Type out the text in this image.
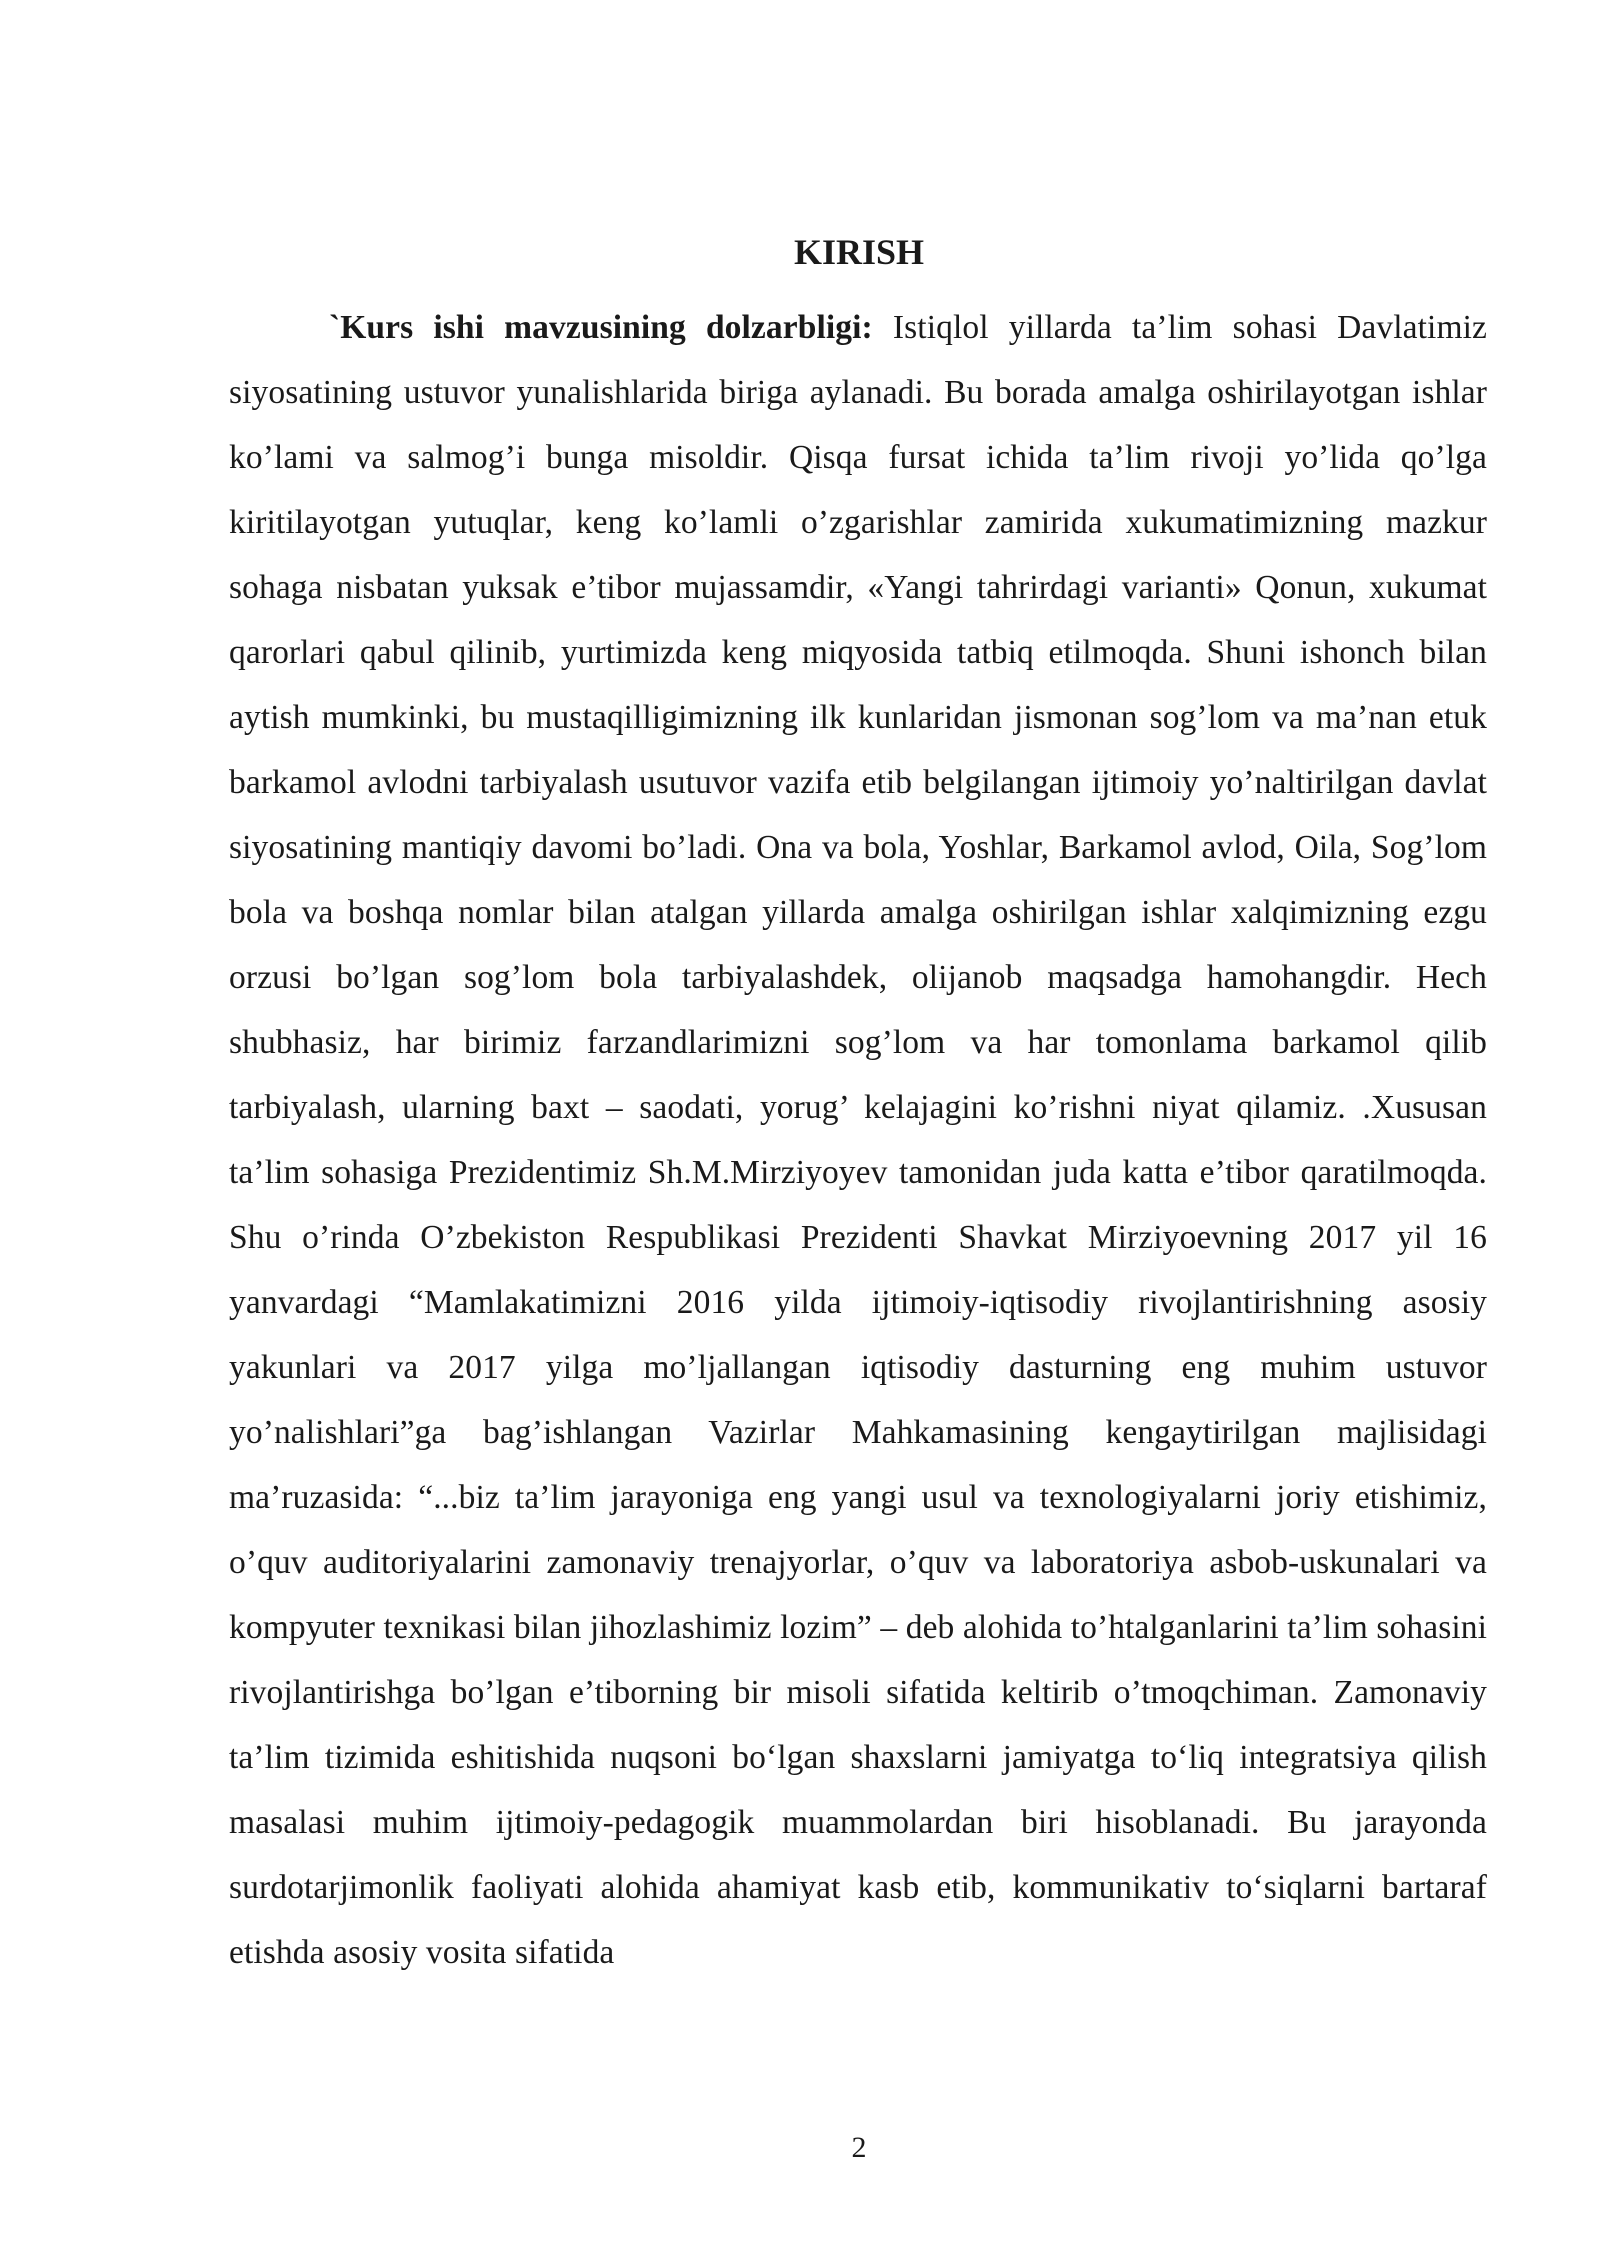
KIRISH

`Kurs ishi mavzusining dolzarbligi: Istiqlol yillarda ta’lim sohasi Davlatimiz siyosatining ustuvor yunalishlarida biriga aylanadi. Bu borada amalga oshirilayotgan ishlar ko’lami va salmog’i bunga misoldir. Qisqa fursat ichida ta’lim rivoji yo’lida qo’lga kiritilayotgan yutuqlar, keng ko’lamli o’zgarishlar zamirida xukumatimizning mazkur sohaga nisbatan yuksak e’tibor mujassamdir, «Yangi tahrirdagi varianti» Qonun, xukumat qarorlari qabul qilinib, yurtimizda keng miqyosida tatbiq etilmoqda. Shuni ishonch bilan aytish mumkinki, bu mustaqilligimizning ilk kunlaridan jismonan sog’lom va ma’nan etuk barkamol avlodni tarbiyalash usutuvor vazifa etib belgilangan ijtimoiy yo’naltirilgan davlat siyosatining mantiqiy davomi bo’ladi. Ona va bola, Yoshlar, Barkamol avlod, Oila, Sog’lom bola va boshqa nomlar bilan atalgan yillarda amalga oshirilgan ishlar xalqimizning ezgu orzusi bo’lgan sog’lom bola tarbiyalashdek, olijanob maqsadga hamohangdir. Hech shubhasiz, har birimiz farzandlarimizni sog’lom va har tomonlama barkamol qilib tarbiyalash, ularning baxt – saodati, yorug’ kelajagini ko’rishni niyat qilamiz. .Xususan ta’lim sohasiga Prezidentimiz Sh.M.Mirziyoyev tamonidan juda katta e’tibor qaratilmoqda. Shu o’rinda O’zbekiston Respublikasi Prezidenti Shavkat Mirziyoevning 2017 yil 16 yanvardagi “Mamlakatimizni 2016 yilda ijtimoiy-iqtisodiy rivojlantirishning asosiy yakunlari va 2017 yilga mo’ljallangan iqtisodiy dasturning eng muhim ustuvor yo’nalishlari”ga bag’ishlangan Vazirlar Mahkamasining kengaytirilgan majlisidagi ma’ruzasida: “...biz ta’lim jarayoniga eng yangi usul va texnologiyalarni joriy etishimiz, o’quv auditoriyalarini zamonaviy trenajyorlar, o’quv va laboratoriya asbob-uskunalari va kompyuter texnikasi bilan jihozlashimiz lozim” – deb alohida to’htalganlarini ta’lim sohasini rivojlantirishga bo’lgan e’tiborning bir misoli sifatida keltirib o’tmoqchiman. Zamonaviy ta’lim tizimida eshitishida nuqsoni boʻlgan shaxslarni jamiyatga toʻliq integratsiya qilish masalasi muhim ijtimoiy-pedagogik muammolardan biri hisoblanadi. Bu jarayonda surdotarjimonlik faoliyati alohida ahamiyat kasb etib, kommunikativ toʻsiqlarni bartaraf etishda asosiy vosita sifatida

2
